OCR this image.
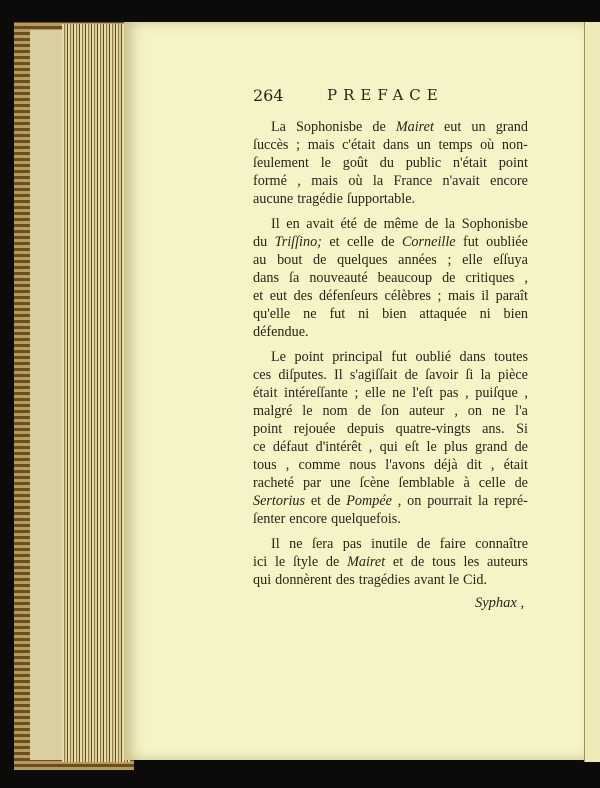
264	PREFACE
La Sophonisbe de Mairet eut un grand
ſuccès ; mais c'était dans un temps où non-
ſeulement le goût du public n'était point
formé , mais où la France n'avait encore
aucune tragédie ſupportable.
Il en avait été de même de la Sophonisbe
du Triſſino; et celle de Corneille fut oubliée
au bout de quelques années ; elle eſſuya
dans ſa nouveauté beaucoup de critiques ,
et eut des défenſeurs célèbres ; mais il paraît
qu'elle ne fut ni bien attaquée ni bien
défendue.
Le point principal fut oublié dans toutes
ces diſputes. Il s'agiſſait de ſavoir ſi la pièce
était intéreſſante ; elle ne l'eſt pas , puiſque ,
malgré le nom de ſon auteur , on ne l'a
point rejouée depuis quatre-vingts ans. Si
ce défaut d'intérêt , qui eſt le plus grand de
tous , comme nous l'avons déjà dit , était
racheté par une ſcène ſemblable à celle de
Sertorius et de Pompée , on pourrait la repré-
ſenter encore quelquefois.
Il ne ſera pas inutile de faire connaître
ici le ſtyle de Mairet et de tous les auteurs
qui donnèrent des tragédies avant le Cid.
Syphax ,
